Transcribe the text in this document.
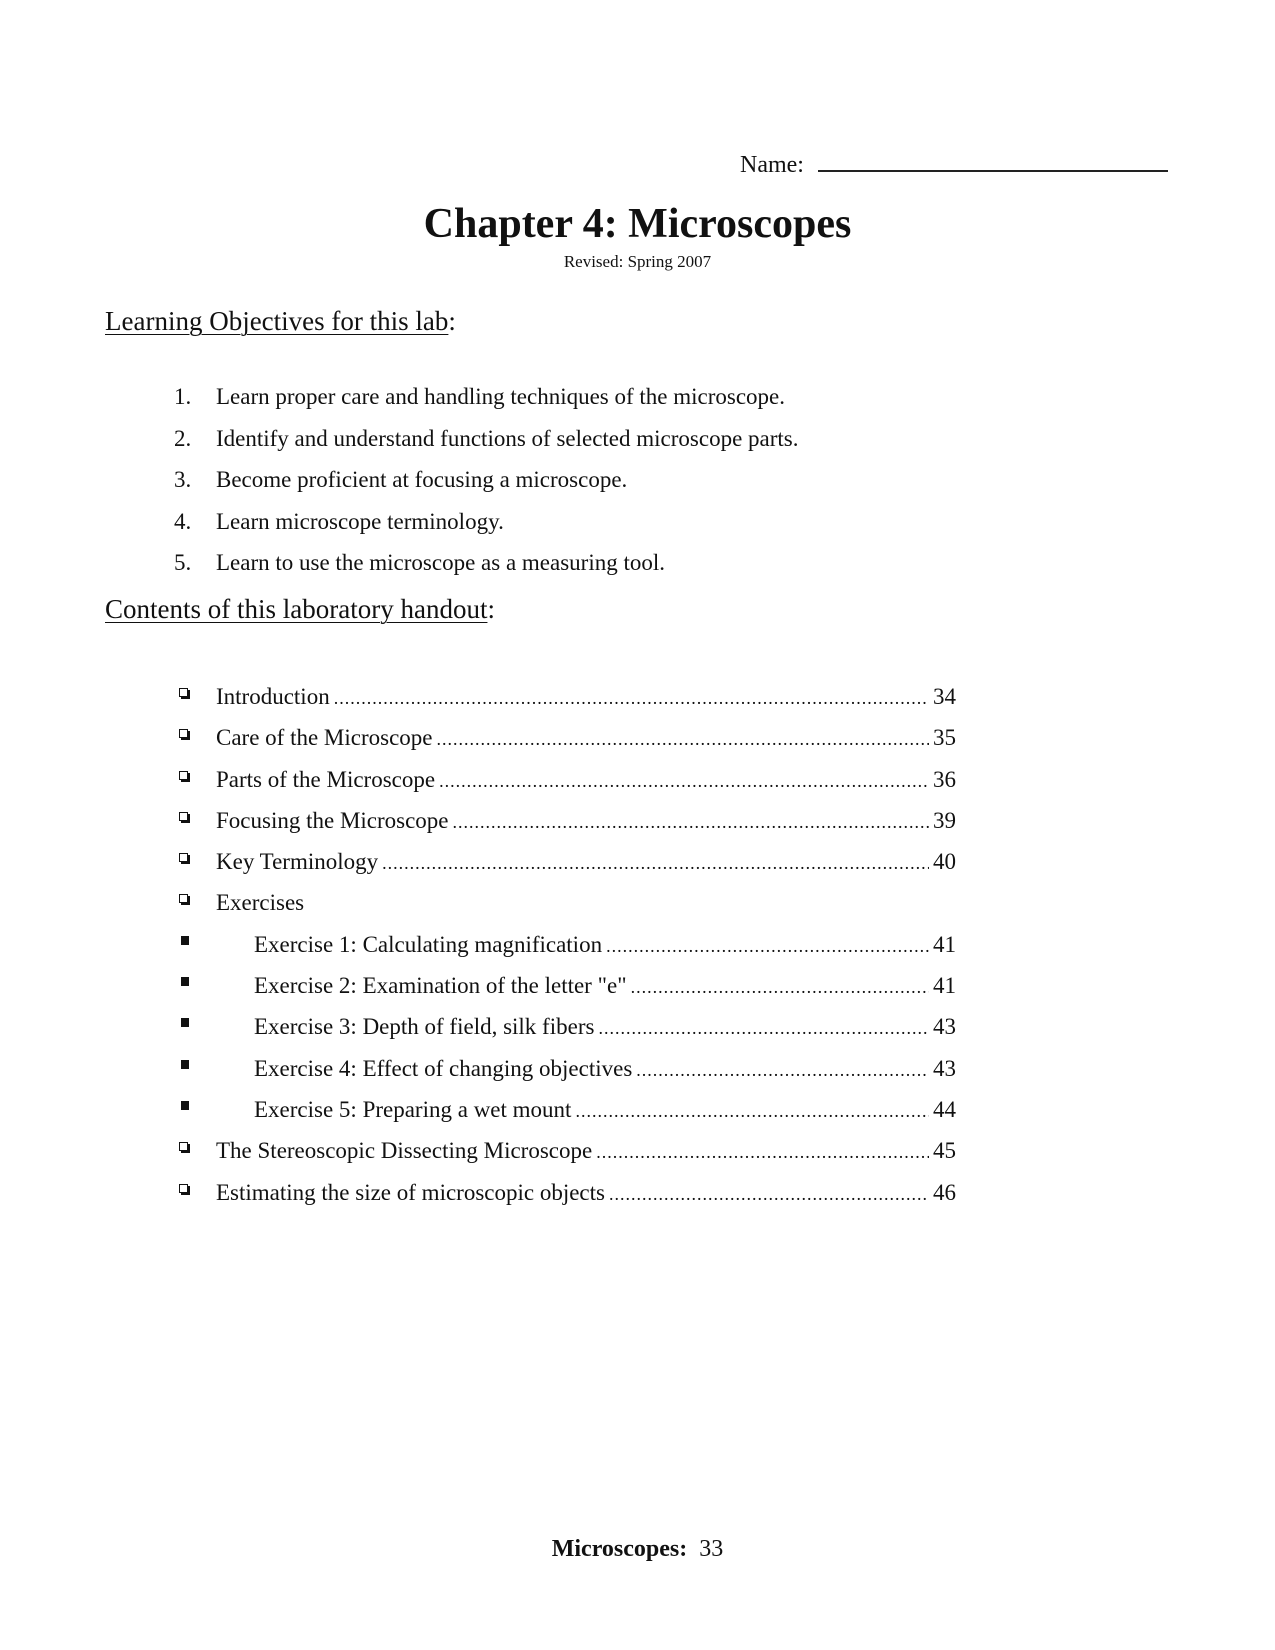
Name:
Chapter 4: Microscopes
Revised: Spring 2007
Learning Objectives for this lab:
1. Learn proper care and handling techniques of the microscope.
2. Identify and understand functions of selected microscope parts.
3. Become proficient at focusing a microscope.
4. Learn microscope terminology.
5. Learn to use the microscope as a measuring tool.
Contents of this laboratory handout:
Introduction .....	34
Care of the Microscope .....	35
Parts of the Microscope .....	36
Focusing the Microscope .....	39
Key Terminology .....	40
Exercises
Exercise 1: Calculating magnification .....	41
Exercise 2: Examination of the letter "e" .....	41
Exercise 3: Depth of field, silk fibers .....	43
Exercise 4: Effect of changing objectives .....	43
Exercise 5: Preparing a wet mount .....	44
The Stereoscopic Dissecting Microscope .....	45
Estimating the size of microscopic objects .....	46
Microscopes: 33
